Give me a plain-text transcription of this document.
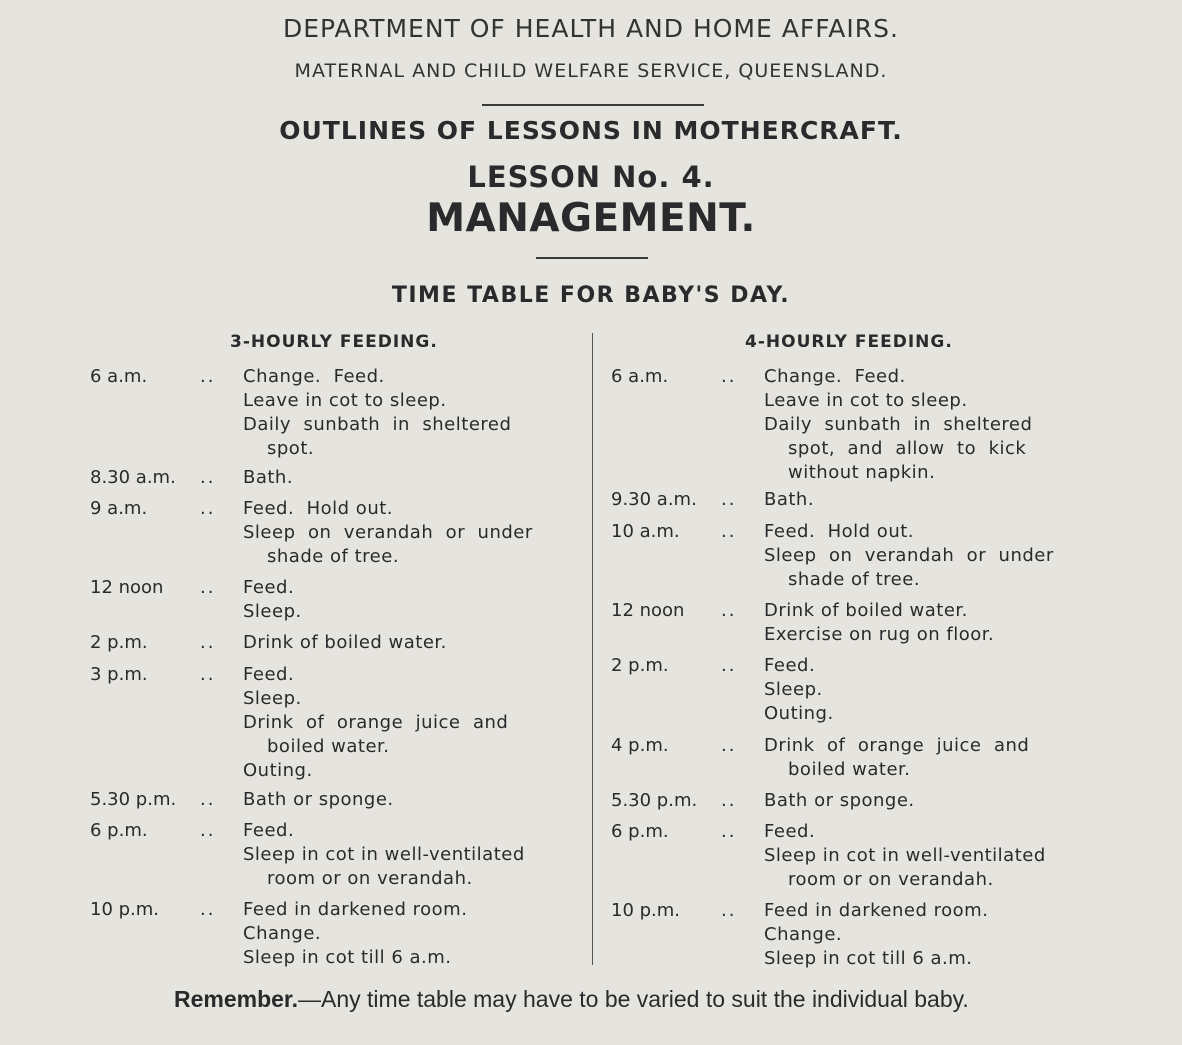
DEPARTMENT OF HEALTH AND HOME AFFAIRS.
MATERNAL AND CHILD WELFARE SERVICE, QUEENSLAND.
OUTLINES OF LESSONS IN MOTHERCRAFT.
LESSON No. 4.
MANAGEMENT.
TIME TABLE FOR BABY'S DAY.
3-HOURLY FEEDING.	4-HOURLY FEEDING.
6 a.m.	.. Change.  Feed.
Leave in cot to sleep.
Daily  sunbath  in  sheltered
spot.
8.30 a.m. .. Bath.
9 a.m.	.. Feed.  Hold out.
Sleep  on  verandah  or  under
shade of tree.
12 noon .. Feed.
Sleep.
2 p.m.	.. Drink of boiled water.
3 p.m.	.. Feed.
Sleep.
Drink  of  orange  juice  and
boiled water.
Outing.
5.30 p.m. .. Bath or sponge.
6 p.m.	.. Feed.
Sleep in cot in well-ventilated
room or on verandah.
10 p.m. .. Feed in darkened room.
Change.
Sleep in cot till 6 a.m.
6 a.m.	.. Change.  Feed.
Leave in cot to sleep.
Daily  sunbath  in  sheltered
spot,  and  allow  to  kick
without napkin.
9.30 a.m. .. Bath.
10 a.m. .. Feed.  Hold out.
Sleep  on  verandah  or  under
shade of tree.
12 noon .. Drink of boiled water.
Exercise on rug on floor.
2 p.m.	.. Feed.
Sleep.
Outing.
4 p.m.	.. Drink  of  orange  juice  and
boiled water.
5.30 p.m. .. Bath or sponge.
6 p.m.	.. Feed.
Sleep in cot in well-ventilated
room or on verandah.
10 p.m. .. Feed in darkened room.
Change.
Sleep in cot till 6 a.m.
Remember.—Any time table may have to be varied to suit the individual baby.
